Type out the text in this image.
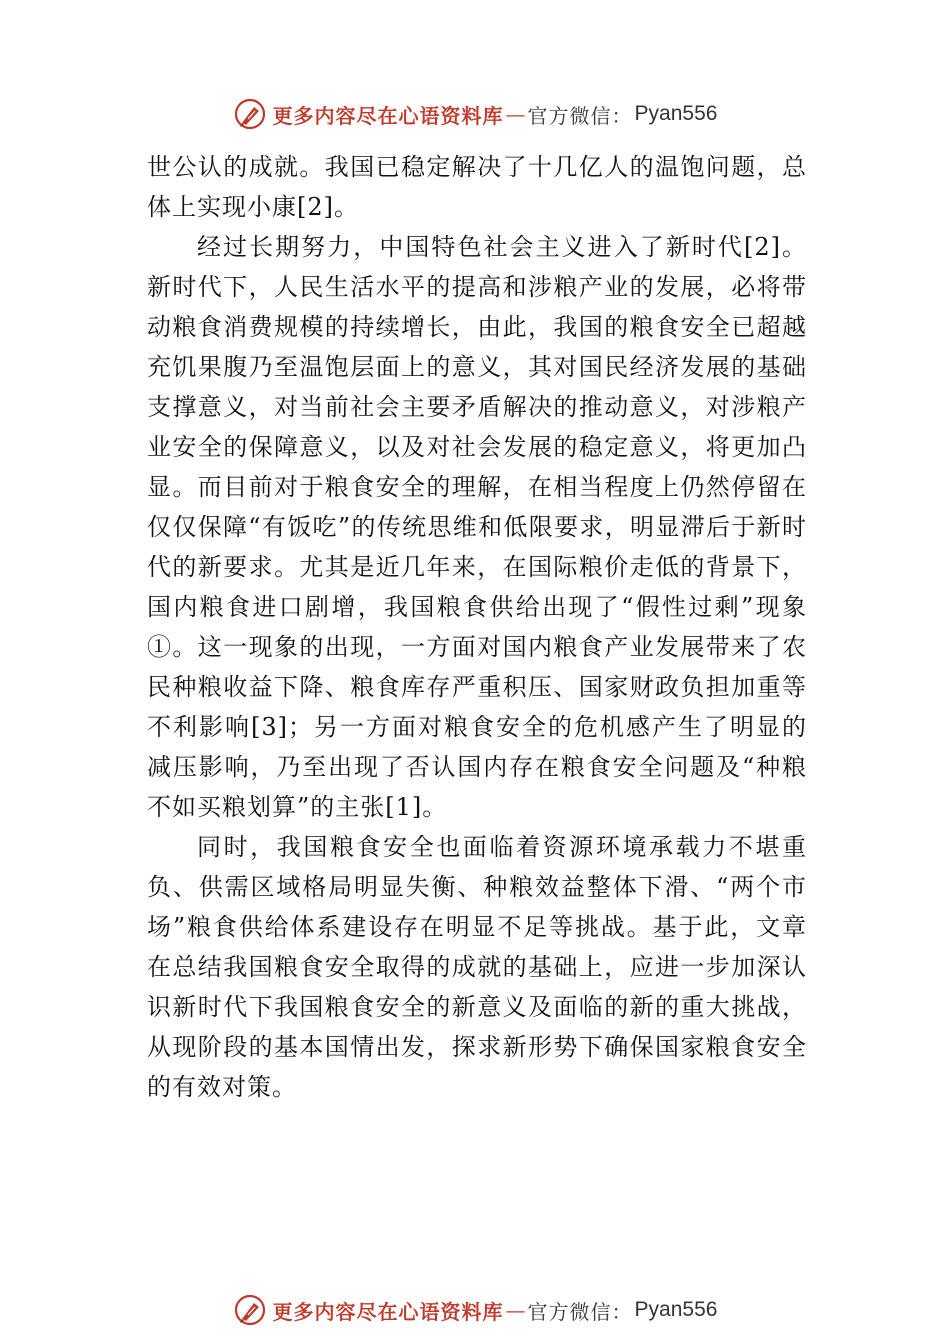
更多内容尽在心语资料库 — 官方微信： Pyan556

世公认的成就。我国已稳定解决了十几亿人的温饱问题，总体上实现小康[2]。

经过长期努力，中国特色社会主义进入了新时代[2]。新时代下，人民生活水平的提高和涉粮产业的发展，必将带动粮食消费规模的持续增长，由此，我国的粮食安全已超越充饥果腹乃至温饱层面上的意义，其对国民经济发展的基础支撑意义，对当前社会主要矛盾解决的推动意义，对涉粮产业安全的保障意义，以及对社会发展的稳定意义，将更加凸显。而目前对于粮食安全的理解，在相当程度上仍然停留在仅仅保障“有饭吃”的传统思维和低限要求，明显滞后于新时代的新要求。尤其是近几年来，在国际粮价走低的背景下，国内粮食进口剧增，我国粮食供给出现了“假性过剩”现象①。这一现象的出现，一方面对国内粮食产业发展带来了农民种粮收益下降、粮食库存严重积压、国家财政负担加重等不利影响[3]；另一方面对粮食安全的危机感产生了明显的减压影响，乃至出现了否认国内存在粮食安全问题及“种粮不如买粮划算”的主张[1]。

同时，我国粮食安全也面临着资源环境承载力不堪重负、供需区域格局明显失衡、种粮效益整体下滑、“两个市场”粮食供给体系建设存在明显不足等挑战。基于此，文章在总结我国粮食安全取得的成就的基础上，应进一步加深认识新时代下我国粮食安全的新意义及面临的新的重大挑战，从现阶段的基本国情出发，探求新形势下确保国家粮食安全的有效对策。

更多内容尽在心语资料库 — 官方微信： Pyan556
